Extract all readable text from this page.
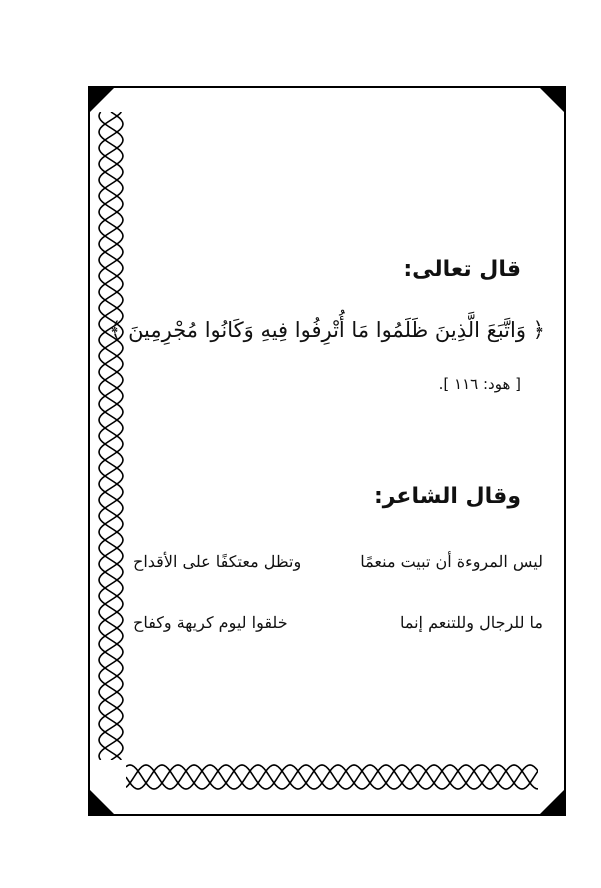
قال تعالى:
﴿ وَاتَّبَعَ الَّذِينَ ظَلَمُوا مَا أُتْرِفُوا فِيهِ وَكَانُوا مُجْرِمِينَ ﴾
[ هود: ١١٦ ].
وقال الشاعر:
ليس المروءة أن تبيت منعمًا
وتظل معتكفًا على الأقداح
ما للرجال وللتنعم إنما
خلقوا ليوم كريهة وكفاح
